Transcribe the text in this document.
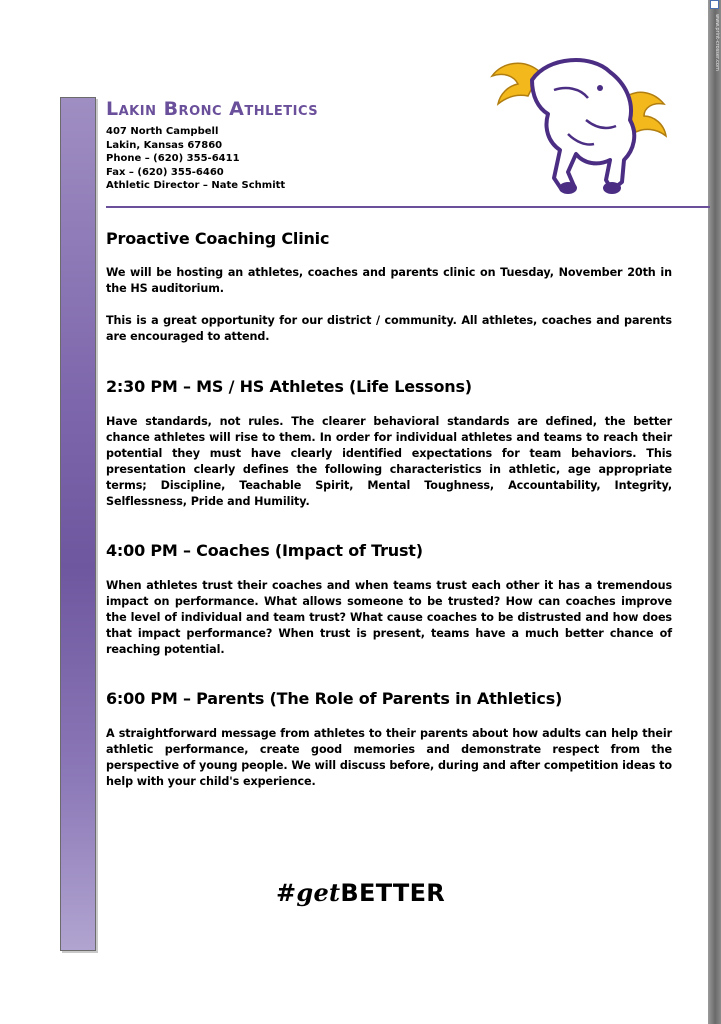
www.print-crosser.com
Lakin Bronc Athletics
407 North Campbell
Lakin, Kansas 67860
Phone – (620) 355-6411
Fax – (620) 355-6460
Athletic Director – Nate Schmitt
Proactive Coaching Clinic

We will be hosting an athletes, coaches and parents clinic on Tuesday, November 20th in the HS auditorium.

This is a great opportunity for our district / community. All athletes, coaches and parents are encouraged to attend.

2:30 PM – MS / HS Athletes (Life Lessons)

Have standards, not rules. The clearer behavioral standards are defined, the better chance athletes will rise to them. In order for individual athletes and teams to reach their potential they must have clearly identified expectations for team behaviors. This presentation clearly defines the following characteristics in athletic, age appropriate terms; Discipline, Teachable Spirit, Mental Toughness, Accountability, Integrity, Selflessness, Pride and Humility.

4:00 PM – Coaches (Impact of Trust)

When athletes trust their coaches and when teams trust each other it has a tremendous impact on performance. What allows someone to be trusted? How can coaches improve the level of individual and team trust? What cause coaches to be distrusted and how does that impact performance? When trust is present, teams have a much better chance of reaching potential.

6:00 PM – Parents (The Role of Parents in Athletics)

A straightforward message from athletes to their parents about how adults can help their athletic performance, create good memories and demonstrate respect from the perspective of young people. We will discuss before, during and after competition ideas to help with your child's experience.

#getBETTER
